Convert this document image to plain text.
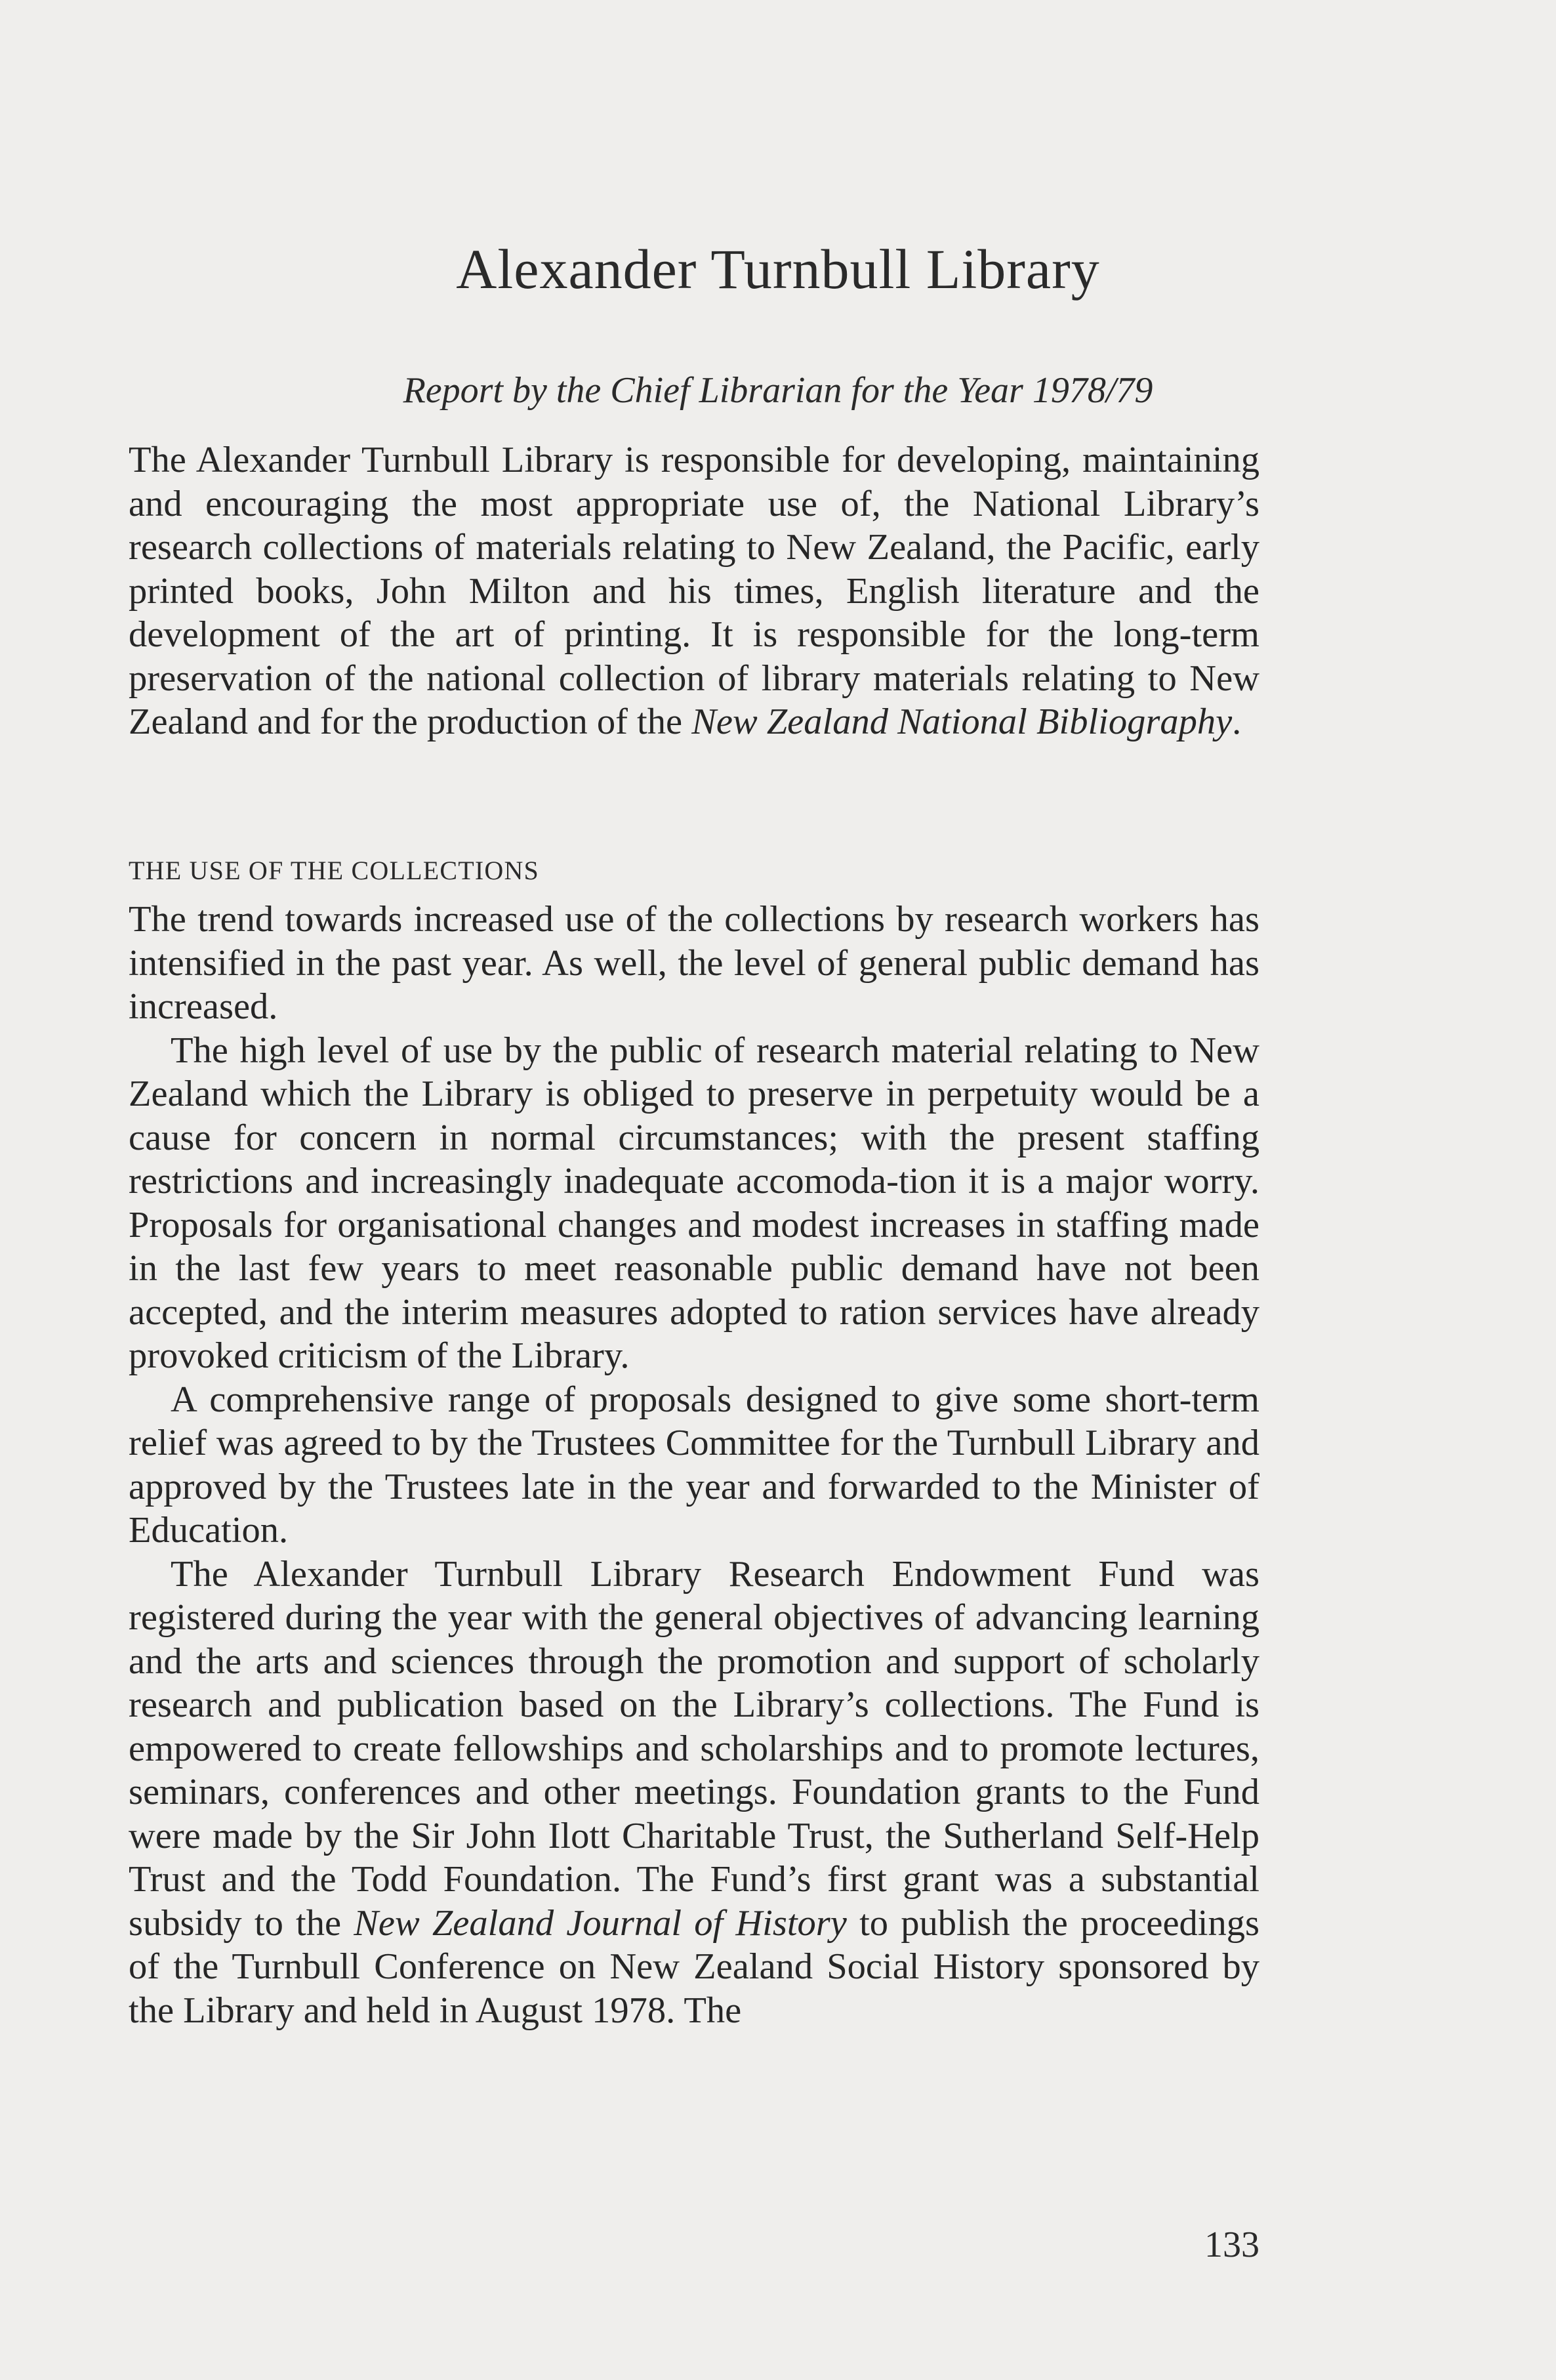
Alexander Turnbull Library
Report by the Chief Librarian for the Year 1978/79

The Alexander Turnbull Library is responsible for developing, maintaining and encouraging the most appropriate use of, the National Library’s research collections of materials relating to New Zealand, the Pacific, early printed books, John Milton and his times, English literature and the development of the art of printing. It is responsible for the long-term preservation of the national collection of library materials relating to New Zealand and for the production of the New Zealand National Bibliography.

THE USE OF THE COLLECTIONS

The trend towards increased use of the collections by research workers has intensified in the past year. As well, the level of general public demand has increased.

The high level of use by the public of research material relating to New Zealand which the Library is obliged to preserve in perpetuity would be a cause for concern in normal circumstances; with the present staffing restrictions and increasingly inadequate accomoda-tion it is a major worry. Proposals for organisational changes and modest increases in staffing made in the last few years to meet reasonable public demand have not been accepted, and the interim measures adopted to ration services have already provoked criticism of the Library.

A comprehensive range of proposals designed to give some short-term relief was agreed to by the Trustees Committee for the Turnbull Library and approved by the Trustees late in the year and forwarded to the Minister of Education.

The Alexander Turnbull Library Research Endowment Fund was registered during the year with the general objectives of advancing learning and the arts and sciences through the promotion and support of scholarly research and publication based on the Library’s collections. The Fund is empowered to create fellowships and scholarships and to promote lectures, seminars, conferences and other meetings. Foundation grants to the Fund were made by the Sir John Ilott Charitable Trust, the Sutherland Self-Help Trust and the Todd Foundation. The Fund’s first grant was a substantial subsidy to the New Zealand Journal of History to publish the proceedings of the Turnbull Conference on New Zealand Social History sponsored by the Library and held in August 1978. The

133
